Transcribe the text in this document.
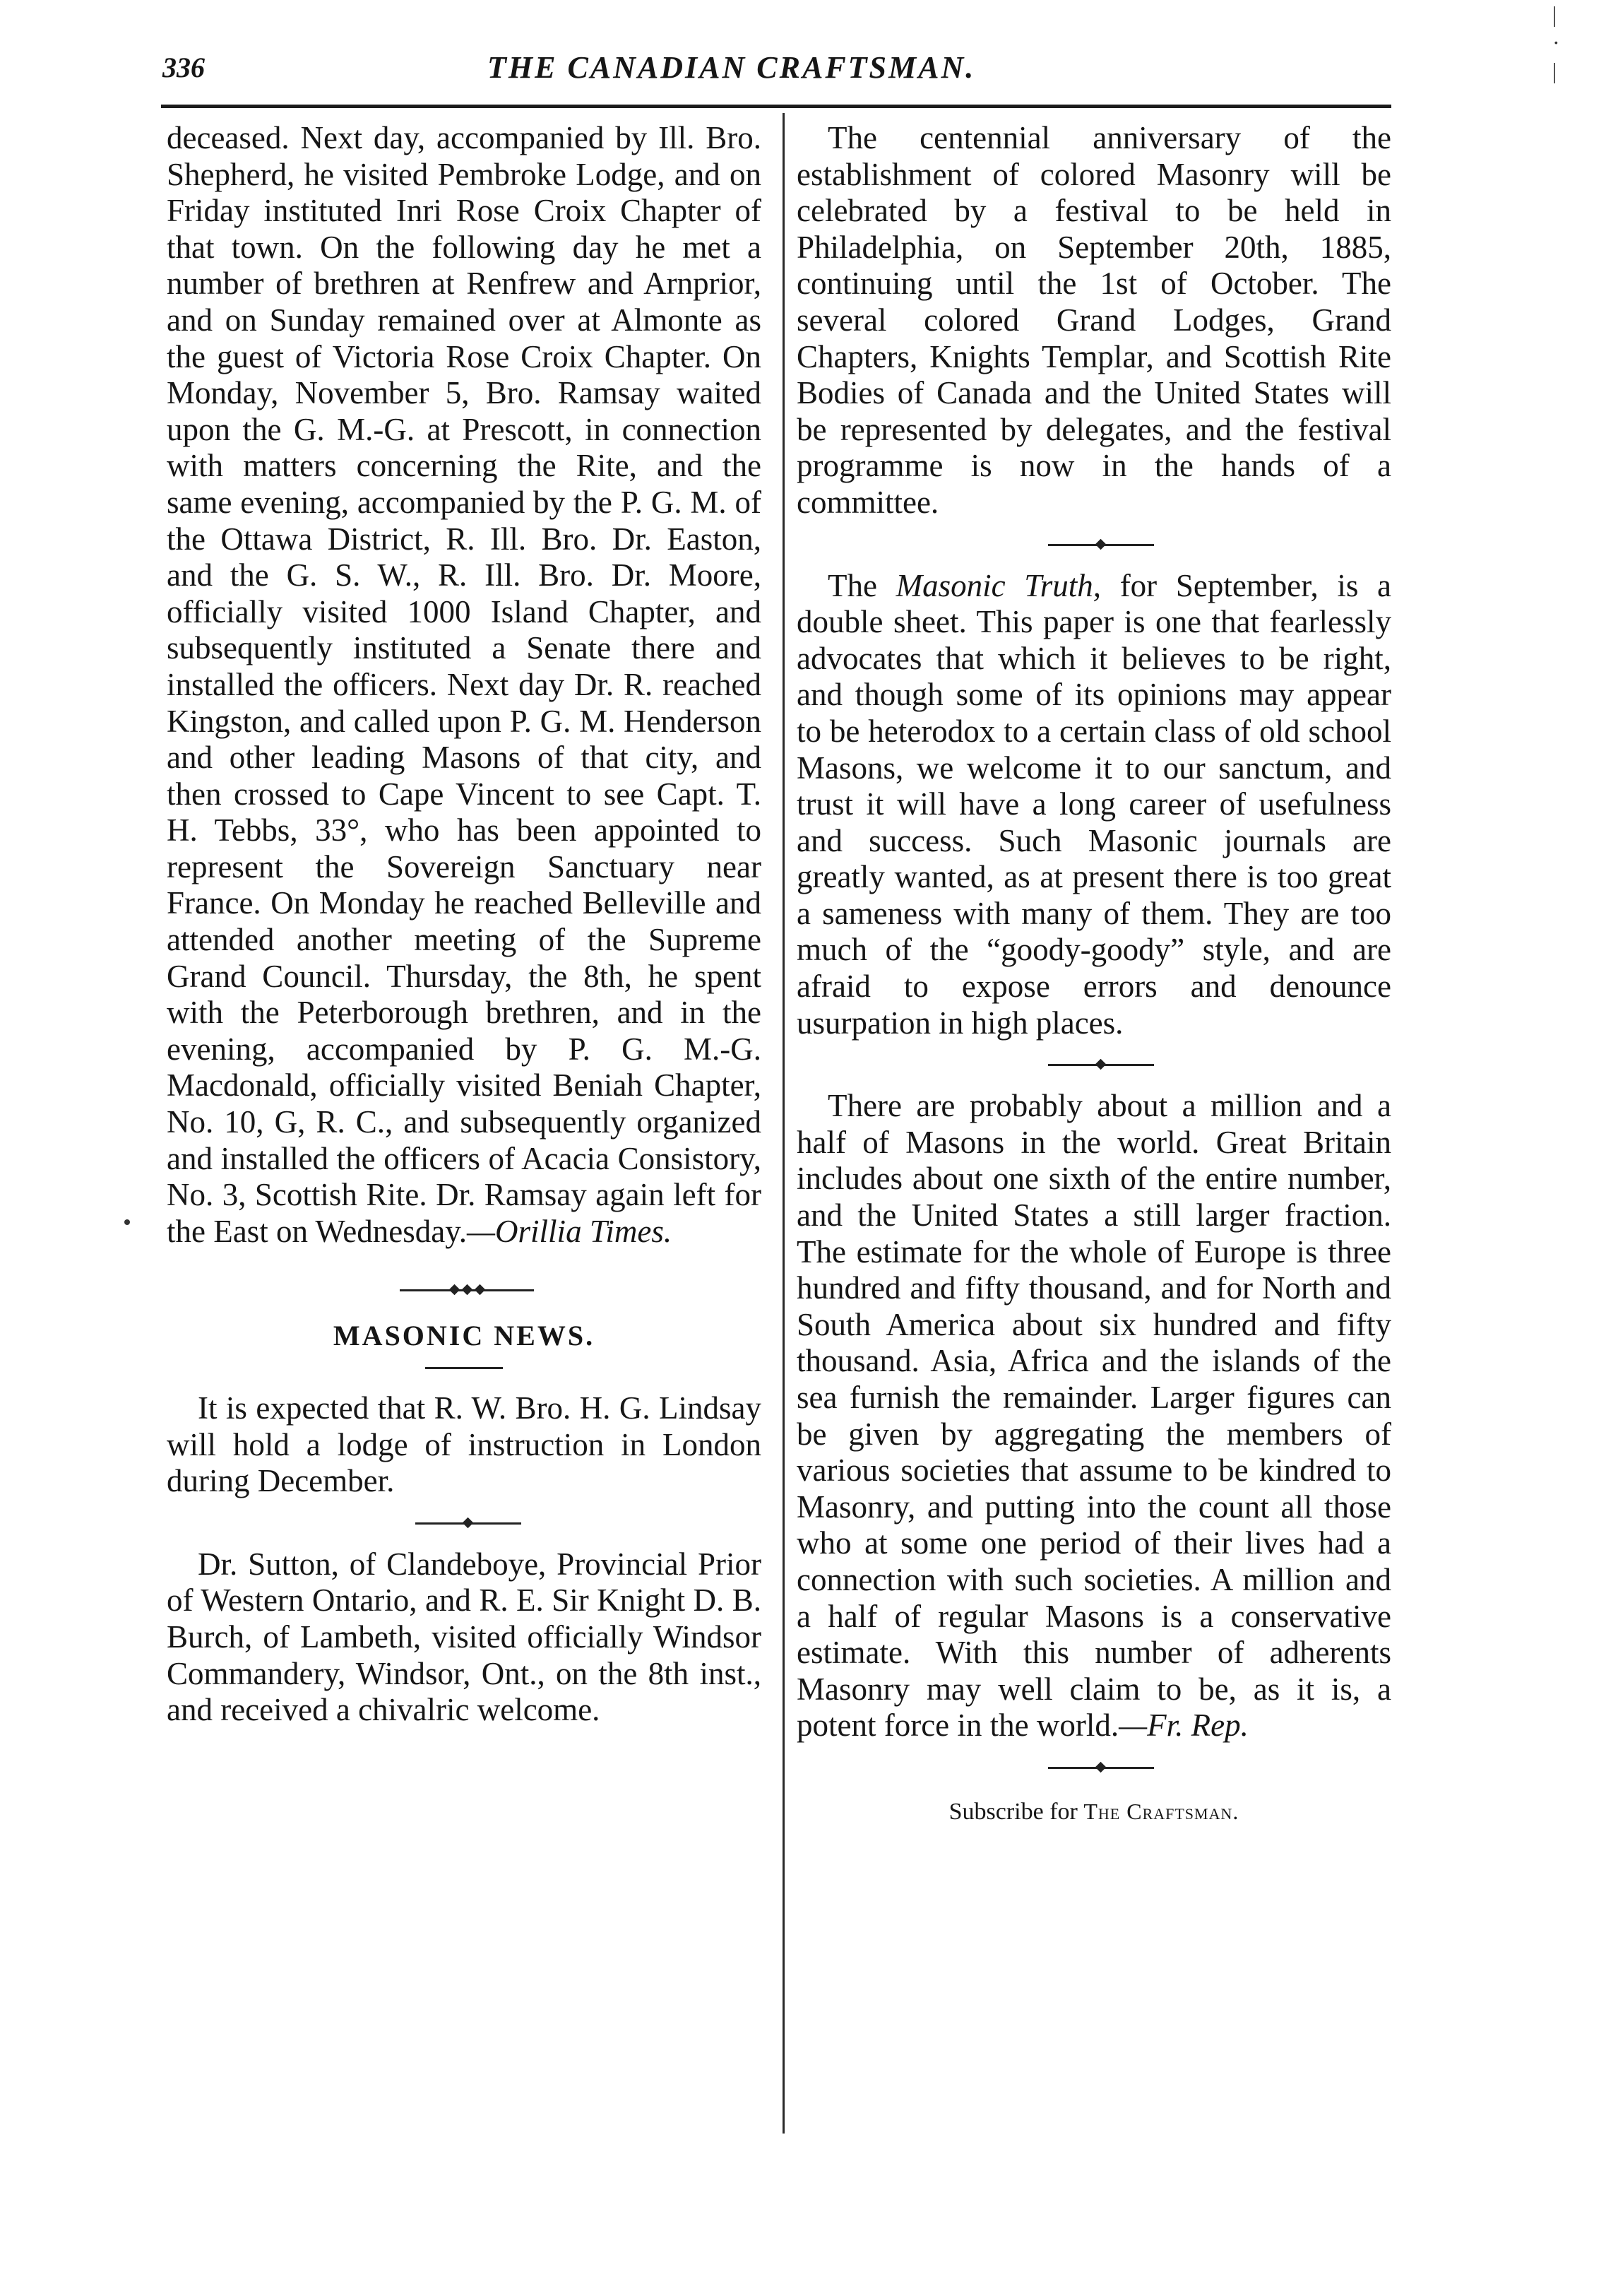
336	THE CANADIAN CRAFTSMAN.
|
·
|

deceased. Next day, accompanied by Ill. Bro. Shepherd, he visited Pembroke Lodge, and on Friday instituted Inri Rose Croix Chapter of that town. On the following day he met a number of brethren at Renfrew and Arnprior, and on Sunday remained over at Almonte as the guest of Victoria Rose Croix Chapter. On Monday, November 5, Bro. Ramsay waited upon the G. M.-G. at Prescott, in connection with matters concerning the Rite, and the same evening, accompanied by the P. G. M. of the Ottawa District, R. Ill. Bro. Dr. Easton, and the G. S. W., R. Ill. Bro. Dr. Moore, officially visited 1000 Island Chapter, and subsequently instituted a Senate there and installed the officers. Next day Dr. R. reached Kingston, and called upon P. G. M. Henderson and other leading Masons of that city, and then crossed to Cape Vincent to see Capt. T. H. Tebbs, 33°, who has been appointed to represent the Sovereign Sanctuary near France. On Monday he reached Belleville and attended another meeting of the Supreme Grand Council. Thursday, the 8th, he spent with the Peterborough brethren, and in the evening, accompanied by P. G. M.-G. Macdonald, officially visited Beniah Chapter, No. 10, G, R. C., and subsequently organized and installed the officers of Acacia Consistory, No. 3, Scottish Rite. Dr. Ramsay again left for the East on Wednesday.—Orillia Times.

MASONIC NEWS.

It is expected that R. W. Bro. H. G. Lindsay will hold a lodge of instruction in London during December.

Dr. Sutton, of Clandeboye, Provincial Prior of Western Ontario, and R. E. Sir Knight D. B. Burch, of Lambeth, visited officially Windsor Commandery, Windsor, Ont., on the 8th inst., and received a chivalric welcome.

The centennial anniversary of the establishment of colored Masonry will be celebrated by a festival to be held in Philadelphia, on September 20th, 1885, continuing until the 1st of October. The several colored Grand Lodges, Grand Chapters, Knights Templar, and Scottish Rite Bodies of Canada and the United States will be represented by delegates, and the festival programme is now in the hands of a committee.

The Masonic Truth, for September, is a double sheet. This paper is one that fearlessly advocates that which it believes to be right, and though some of its opinions may appear to be heterodox to a certain class of old school Masons, we welcome it to our sanctum, and trust it will have a long career of usefulness and success. Such Masonic journals are greatly wanted, as at present there is too great a sameness with many of them. They are too much of the “goody-goody” style, and are afraid to expose errors and denounce usurpation in high places.

There are probably about a million and a half of Masons in the world. Great Britain includes about one sixth of the entire number, and the United States a still larger fraction. The estimate for the whole of Europe is three hundred and fifty thousand, and for North and South America about six hundred and fifty thousand. Asia, Africa and the islands of the sea furnish the remainder. Larger figures can be given by aggregating the members of various societies that assume to be kindred to Masonry, and putting into the count all those who at some one period of their lives had a connection with such societies. A million and a half of regular Masons is a conservative estimate. With this number of adherents Masonry may well claim to be, as it is, a potent force in the world.—Fr. Rep.

Subscribe for The Craftsman.
